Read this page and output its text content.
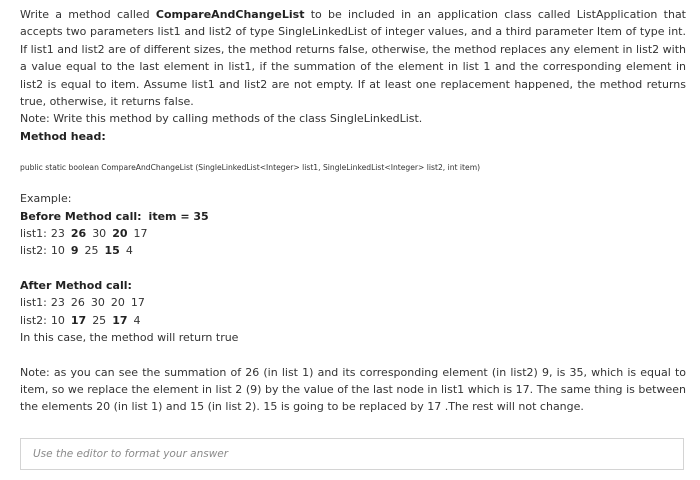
Write a method called CompareAndChangeList to be included in an application class called ListApplication that accepts two parameters list1 and list2 of type SingleLinkedList of integer values, and a third parameter Item of type int. If list1 and list2 are of different sizes, the method returns false, otherwise, the method replaces any element in list2 with a value equal to the last element in list1, if the summation of the element in list 1 and the corresponding element in list2 is equal to item. Assume list1 and list2 are not empty. If at least one replacement happened, the method returns true, otherwise, it returns false.

Note: Write this method by calling methods of the class SingleLinkedList.

Method head:

public static boolean CompareAndChangeList (SingleLinkedList<Integer> list1, SingleLinkedList<Integer> list2, int item)

Example:

Before Method call: item = 35

list1: 23 26 30 20 17

list2: 10 9 25 15 4

After Method call:

list1: 23 26 30 20 17

list2: 10 17 25 17 4

In this case, the method will return true

Note: as you can see the summation of 26 (in list 1) and its corresponding element (in list2) 9, is 35, which is equal to item, so we replace the element in list 2 (9) by the value of the last node in list1 which is 17. The same thing is between the elements 20 (in list 1) and 15 (in list 2). 15 is going to be replaced by 17 .The rest will not change.

Use the editor to format your answer
